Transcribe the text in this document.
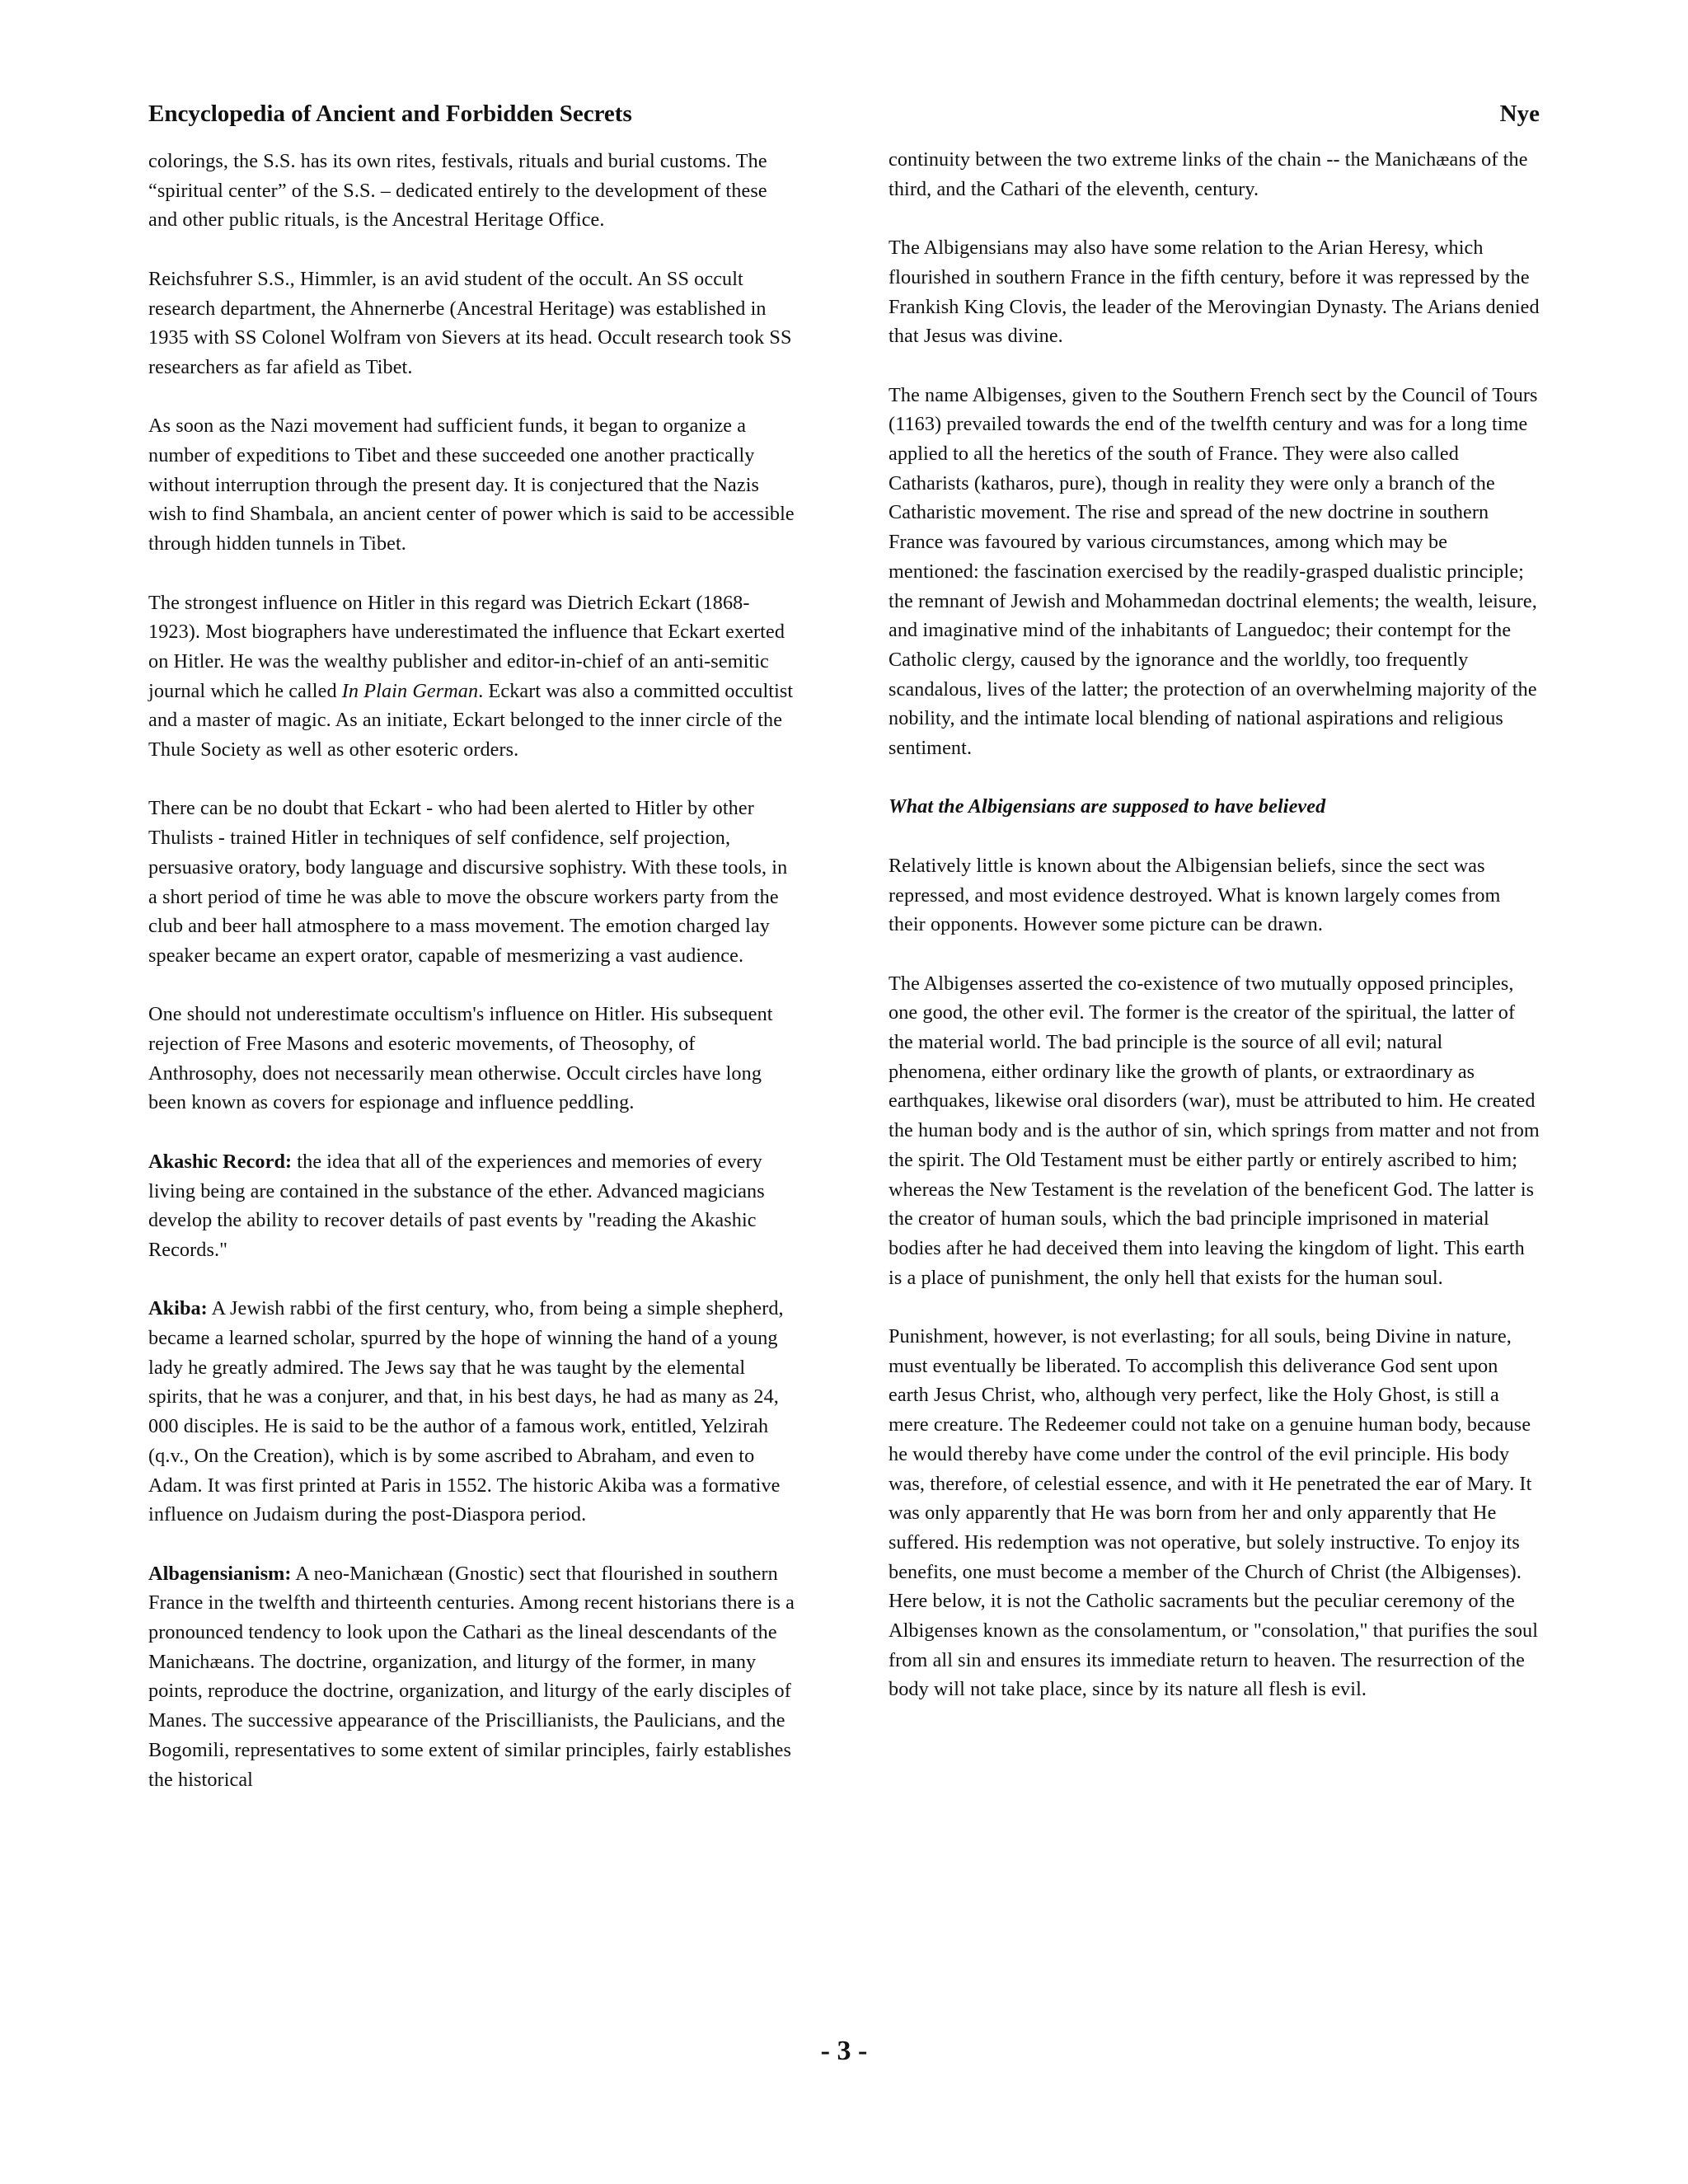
Encyclopedia of Ancient and Forbidden Secrets	Nye

colorings, the S.S. has its own rites, festivals, rituals and burial customs. The “spiritual center” of the S.S. – dedicated entirely to the development of these and other public rituals, is the Ancestral Heritage Office.

Reichsfuhrer S.S., Himmler, is an avid student of the occult. An SS occult research department, the Ahnernerbe (Ancestral Heritage) was established in 1935 with SS Colonel Wolfram von Sievers at its head. Occult research took SS researchers as far afield as Tibet.

As soon as the Nazi movement had sufficient funds, it began to organize a number of expeditions to Tibet and these succeeded one another practically without interruption through the present day. It is conjectured that the Nazis wish to find Shambala, an ancient center of power which is said to be accessible through hidden tunnels in Tibet.

The strongest influence on Hitler in this regard was Dietrich Eckart (1868-1923). Most biographers have underestimated the influence that Eckart exerted on Hitler. He was the wealthy publisher and editor-in-chief of an anti-semitic journal which he called In Plain German. Eckart was also a committed occultist and a master of magic. As an initiate, Eckart belonged to the inner circle of the Thule Society as well as other esoteric orders.

There can be no doubt that Eckart - who had been alerted to Hitler by other Thulists - trained Hitler in techniques of self confidence, self projection, persuasive oratory, body language and discursive sophistry. With these tools, in a short period of time he was able to move the obscure workers party from the club and beer hall atmosphere to a mass movement. The emotion charged lay speaker became an expert orator, capable of mesmerizing a vast audience.

One should not underestimate occultism's influence on Hitler. His subsequent rejection of Free Masons and esoteric movements, of Theosophy, of Anthrosophy, does not necessarily mean otherwise. Occult circles have long been known as covers for espionage and influence peddling.

Akashic Record: the idea that all of the experiences and memories of every living being are contained in the substance of the ether. Advanced magicians develop the ability to recover details of past events by "reading the Akashic Records."

Akiba: A Jewish rabbi of the first century, who, from being a simple shepherd, became a learned scholar, spurred by the hope of winning the hand of a young lady he greatly admired. The Jews say that he was taught by the elemental spirits, that he was a conjurer, and that, in his best days, he had as many as 24, 000 disciples. He is said to be the author of a famous work, entitled, Yelzirah (q.v., On the Creation), which is by some ascribed to Abraham, and even to Adam. It was first printed at Paris in 1552. The historic Akiba was a formative influence on Judaism during the post-Diaspora period.

Albagensianism: A neo-Manichæan (Gnostic) sect that flourished in southern France in the twelfth and thirteenth centuries. Among recent historians there is a pronounced tendency to look upon the Cathari as the lineal descendants of the Manichæans. The doctrine, organization, and liturgy of the former, in many points, reproduce the doctrine, organization, and liturgy of the early disciples of Manes. The successive appearance of the Priscillianists, the Paulicians, and the Bogomili, representatives to some extent of similar principles, fairly establishes the historical

continuity between the two extreme links of the chain -- the Manichæans of the third, and the Cathari of the eleventh, century.

The Albigensians may also have some relation to the Arian Heresy, which flourished in southern France in the fifth century, before it was repressed by the Frankish King Clovis, the leader of the Merovingian Dynasty. The Arians denied that Jesus was divine.

The name Albigenses, given to the Southern French sect by the Council of Tours (1163) prevailed towards the end of the twelfth century and was for a long time applied to all the heretics of the south of France. They were also called Catharists (katharos, pure), though in reality they were only a branch of the Catharistic movement. The rise and spread of the new doctrine in southern France was favoured by various circumstances, among which may be mentioned: the fascination exercised by the readily-grasped dualistic principle; the remnant of Jewish and Mohammedan doctrinal elements; the wealth, leisure, and imaginative mind of the inhabitants of Languedoc; their contempt for the Catholic clergy, caused by the ignorance and the worldly, too frequently scandalous, lives of the latter; the protection of an overwhelming majority of the nobility, and the intimate local blending of national aspirations and religious sentiment.

What the Albigensians are supposed to have believed

Relatively little is known about the Albigensian beliefs, since the sect was repressed, and most evidence destroyed. What is known largely comes from their opponents. However some picture can be drawn.

The Albigenses asserted the co-existence of two mutually opposed principles, one good, the other evil. The former is the creator of the spiritual, the latter of the material world. The bad principle is the source of all evil; natural phenomena, either ordinary like the growth of plants, or extraordinary as earthquakes, likewise oral disorders (war), must be attributed to him. He created the human body and is the author of sin, which springs from matter and not from the spirit. The Old Testament must be either partly or entirely ascribed to him; whereas the New Testament is the revelation of the beneficent God. The latter is the creator of human souls, which the bad principle imprisoned in material bodies after he had deceived them into leaving the kingdom of light. This earth is a place of punishment, the only hell that exists for the human soul.

Punishment, however, is not everlasting; for all souls, being Divine in nature, must eventually be liberated. To accomplish this deliverance God sent upon earth Jesus Christ, who, although very perfect, like the Holy Ghost, is still a mere creature. The Redeemer could not take on a genuine human body, because he would thereby have come under the control of the evil principle. His body was, therefore, of celestial essence, and with it He penetrated the ear of Mary. It was only apparently that He was born from her and only apparently that He suffered. His redemption was not operative, but solely instructive. To enjoy its benefits, one must become a member of the Church of Christ (the Albigenses). Here below, it is not the Catholic sacraments but the peculiar ceremony of the Albigenses known as the consolamentum, or "consolation," that purifies the soul from all sin and ensures its immediate return to heaven. The resurrection of the body will not take place, since by its nature all flesh is evil.

- 3 -
